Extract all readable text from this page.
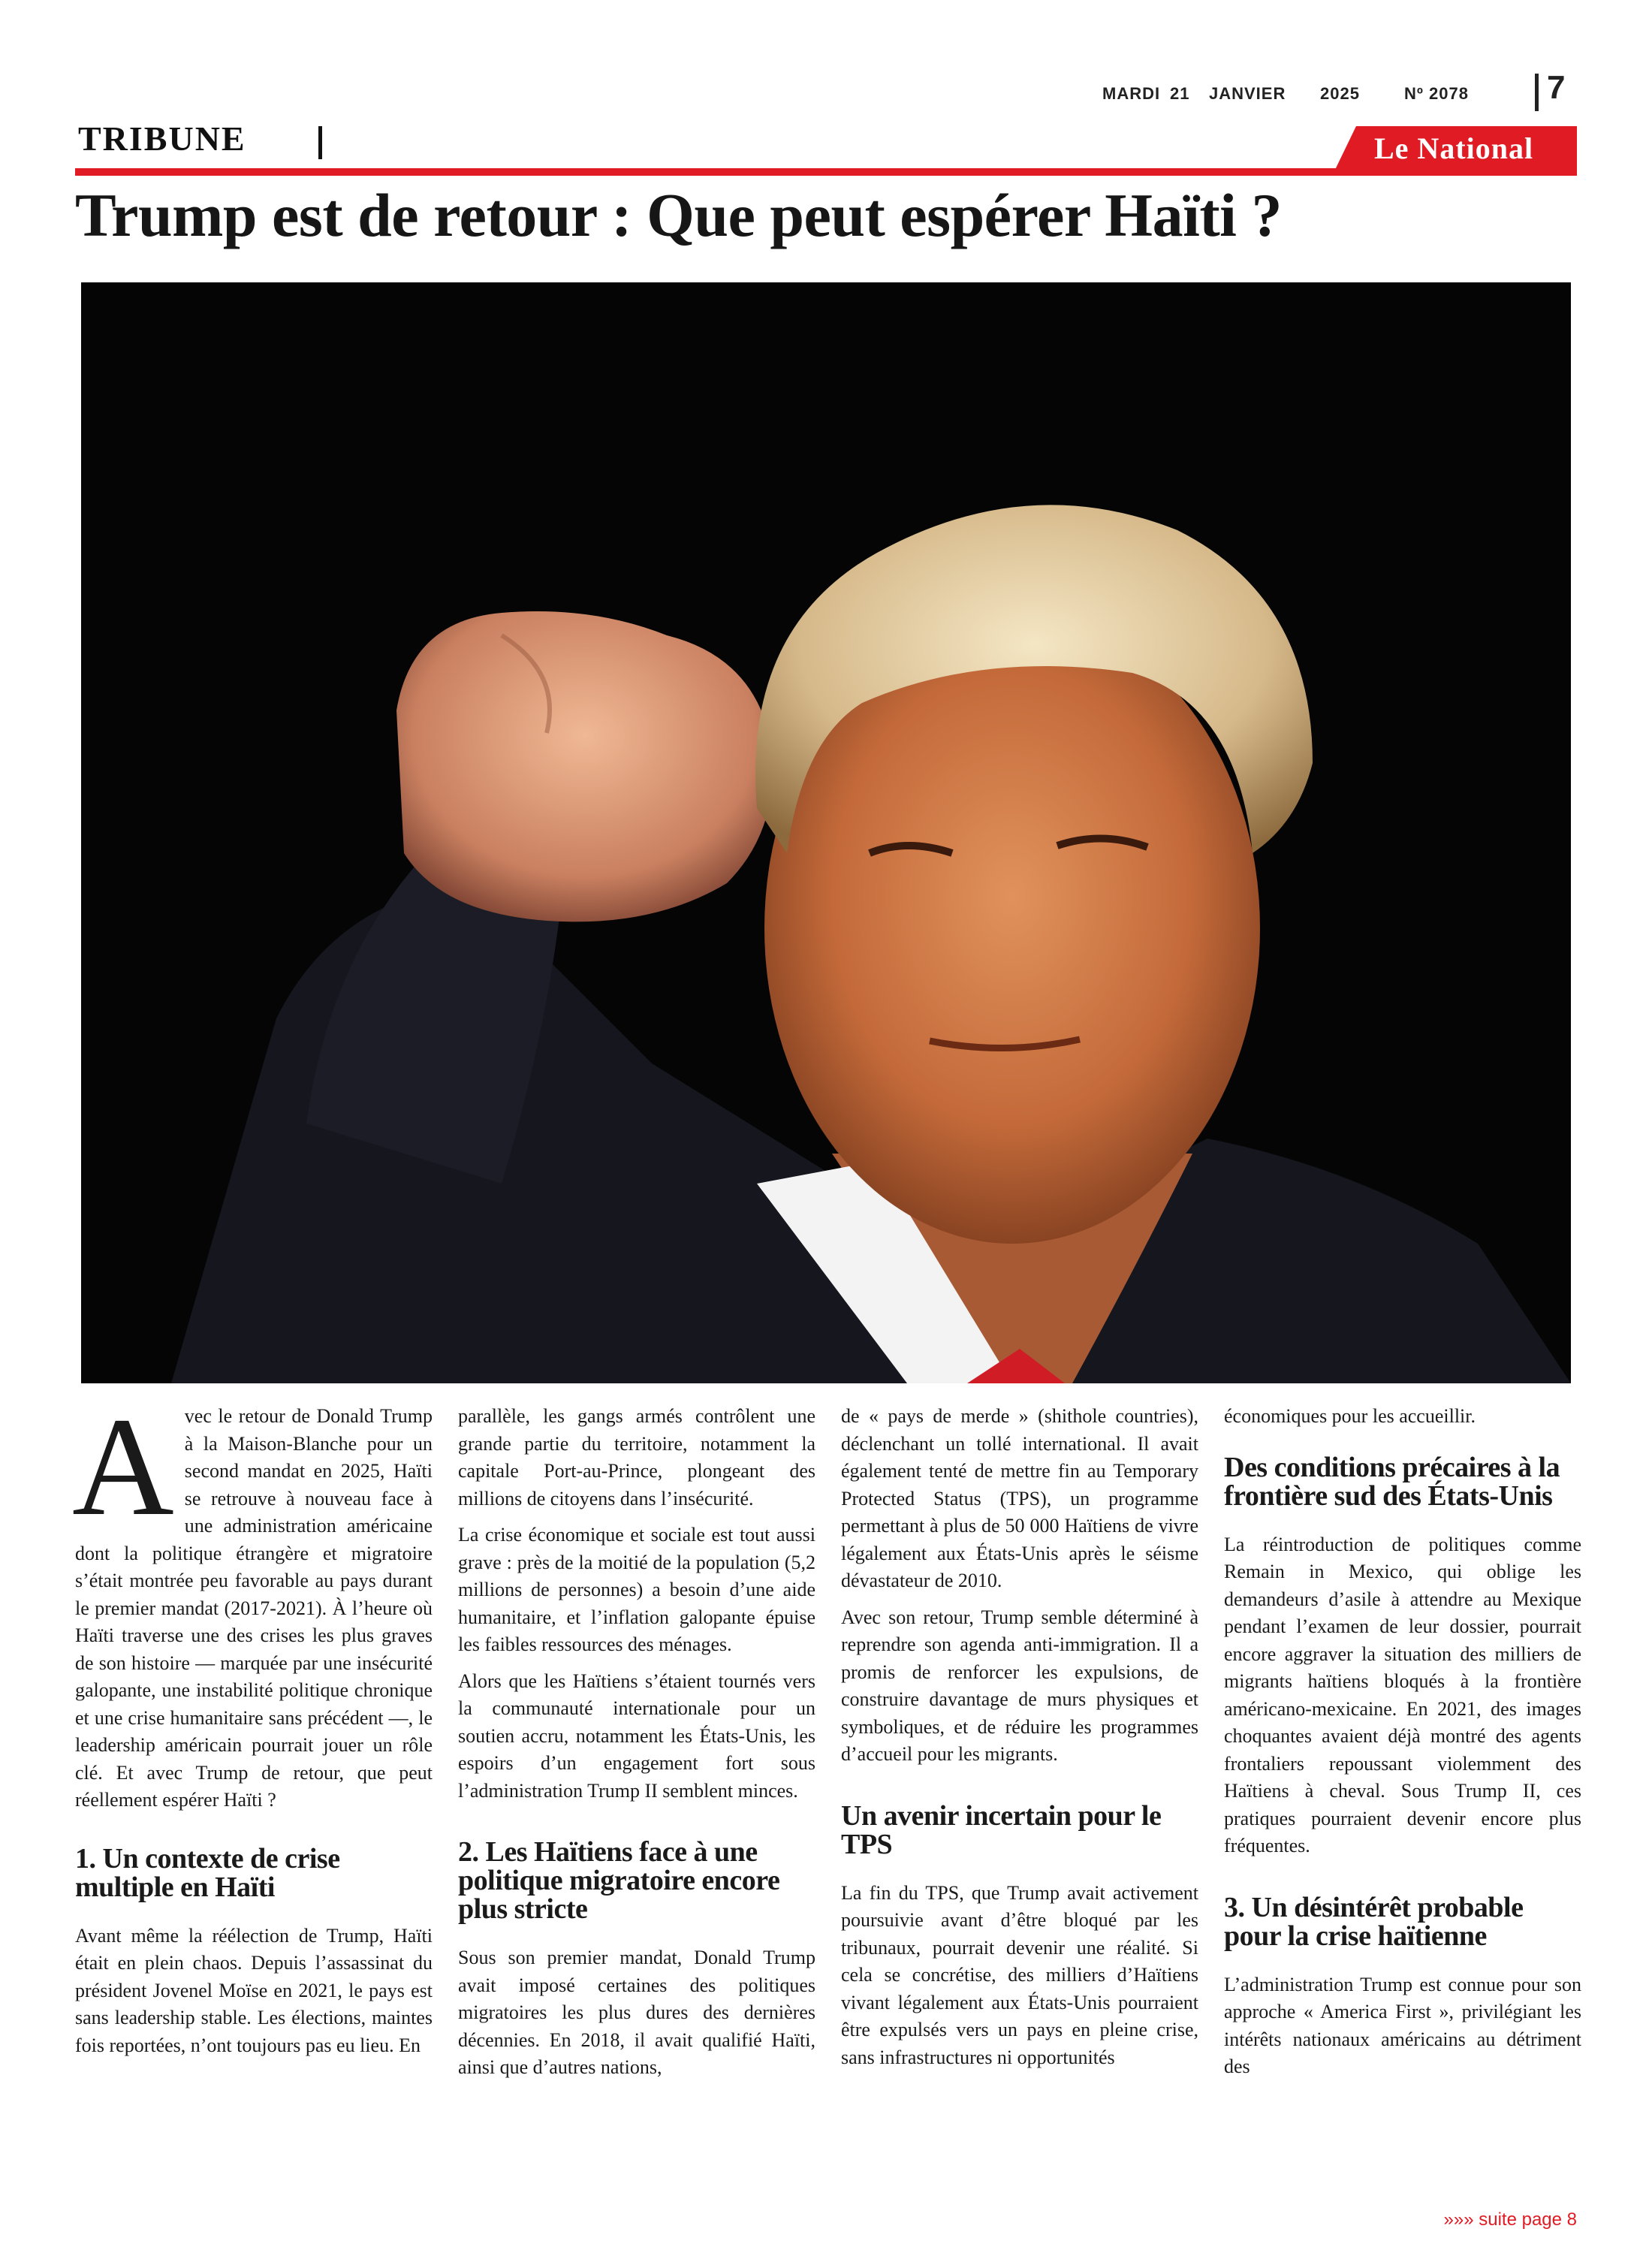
MARDI 21	JANVIER	2025	Nº 2078	7
TRIBUNE	Le National
Trump est de retour : Que peut espérer Haïti ?

Avec le retour de Donald Trump à la Maison-Blanche pour un second mandat en 2025, Haïti se retrouve à nouveau face à une administration américaine dont la politique étrangère et migratoire s’était montrée peu favorable au pays durant le premier mandat (2017-2021). À l’heure où Haïti traverse une des crises les plus graves de son histoire — marquée par une insécurité galopante, une instabilité politique chronique et une crise humanitaire sans précédent —, le leadership américain pourrait jouer un rôle clé. Et avec Trump de retour, que peut réellement espérer Haïti ?

1. Un contexte de crise multiple en Haïti

Avant même la réélection de Trump, Haïti était en plein chaos. Depuis l’assassinat du président Jovenel Moïse en 2021, le pays est sans leadership stable. Les élections, maintes fois reportées, n’ont toujours pas eu lieu. En

parallèle, les gangs armés contrôlent une grande partie du territoire, notamment la capitale Port-au-Prince, plongeant des millions de citoyens dans l’insécurité.

La crise économique et sociale est tout aussi grave : près de la moitié de la population (5,2 millions de personnes) a besoin d’une aide humanitaire, et l’inflation galopante épuise les faibles ressources des ménages.

Alors que les Haïtiens s’étaient tournés vers la communauté internationale pour un soutien accru, notamment les États-Unis, les espoirs d’un engagement fort sous l’administration Trump II semblent minces.

2. Les Haïtiens face à une politique migratoire encore plus stricte

Sous son premier mandat, Donald Trump avait imposé certaines des politiques migratoires les plus dures des dernières décennies. En 2018, il avait qualifié Haïti, ainsi que d’autres nations,

de « pays de merde » (shithole countries), déclenchant un tollé international. Il avait également tenté de mettre fin au Temporary Protected Status (TPS), un programme permettant à plus de 50 000 Haïtiens de vivre légalement aux États-Unis après le séisme dévastateur de 2010.

Avec son retour, Trump semble déterminé à reprendre son agenda anti-immigration. Il a promis de renforcer les expulsions, de construire davantage de murs physiques et symboliques, et de réduire les programmes d’accueil pour les migrants.

Un avenir incertain pour le TPS

La fin du TPS, que Trump avait activement poursuivie avant d’être bloqué par les tribunaux, pourrait devenir une réalité. Si cela se concrétise, des milliers d’Haïtiens vivant légalement aux États-Unis pourraient être expulsés vers un pays en pleine crise, sans infrastructures ni opportunités

économiques pour les accueillir.

Des conditions précaires à la frontière sud des États-Unis

La réintroduction de politiques comme Remain in Mexico, qui oblige les demandeurs d’asile à attendre au Mexique pendant l’examen de leur dossier, pourrait encore aggraver la situation des milliers de migrants haïtiens bloqués à la frontière américano-mexicaine. En 2021, des images choquantes avaient déjà montré des agents frontaliers repoussant violemment des Haïtiens à cheval. Sous Trump II, ces pratiques pourraient devenir encore plus fréquentes.

3. Un désintérêt probable pour la crise haïtienne

L’administration Trump est connue pour son approche « America First », privilégiant les intérêts nationaux américains au détriment des

»»» suite page 8
